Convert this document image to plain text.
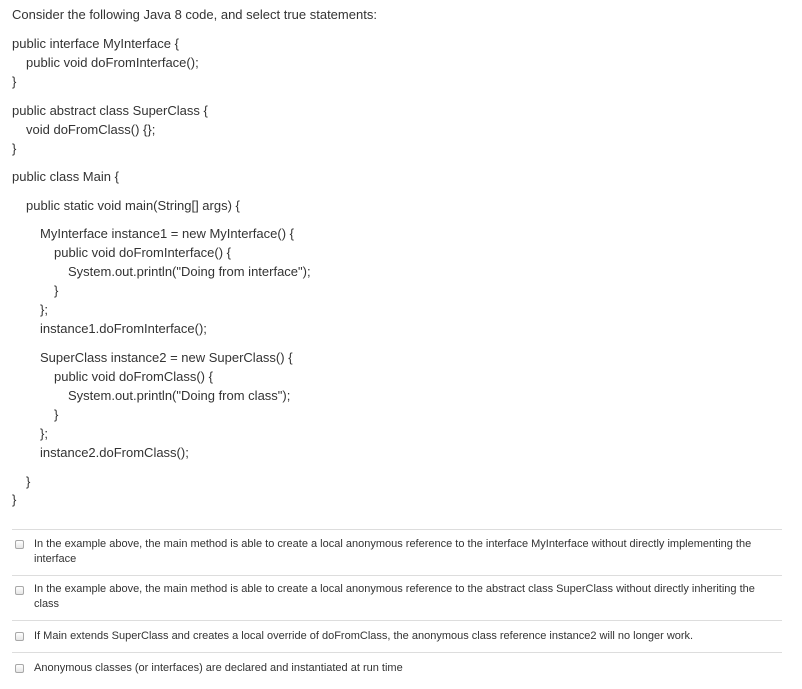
Consider the following Java 8 code, and select true statements:
public interface MyInterface {
public void doFromInterface();
}
public abstract class SuperClass {
void doFromClass() {};
}
public class Main {
public static void main(String[] args) {
MyInterface instance1 = new MyInterface() {
public void doFromInterface() {
System.out.println("Doing from interface");
}
};
instance1.doFromInterface();
SuperClass instance2 = new SuperClass() {
public void doFromClass() {
System.out.println("Doing from class");
}
};
instance2.doFromClass();
}
}
In the example above, the main method is able to create a local anonymous reference to the interface MyInterface without directly implementing the interface
In the example above, the main method is able to create a local anonymous reference to the abstract class SuperClass without directly inheriting the class
If Main extends SuperClass and creates a local override of doFromClass, the anonymous class reference instance2 will no longer work.
Anonymous classes (or interfaces) are declared and instantiated at run time
